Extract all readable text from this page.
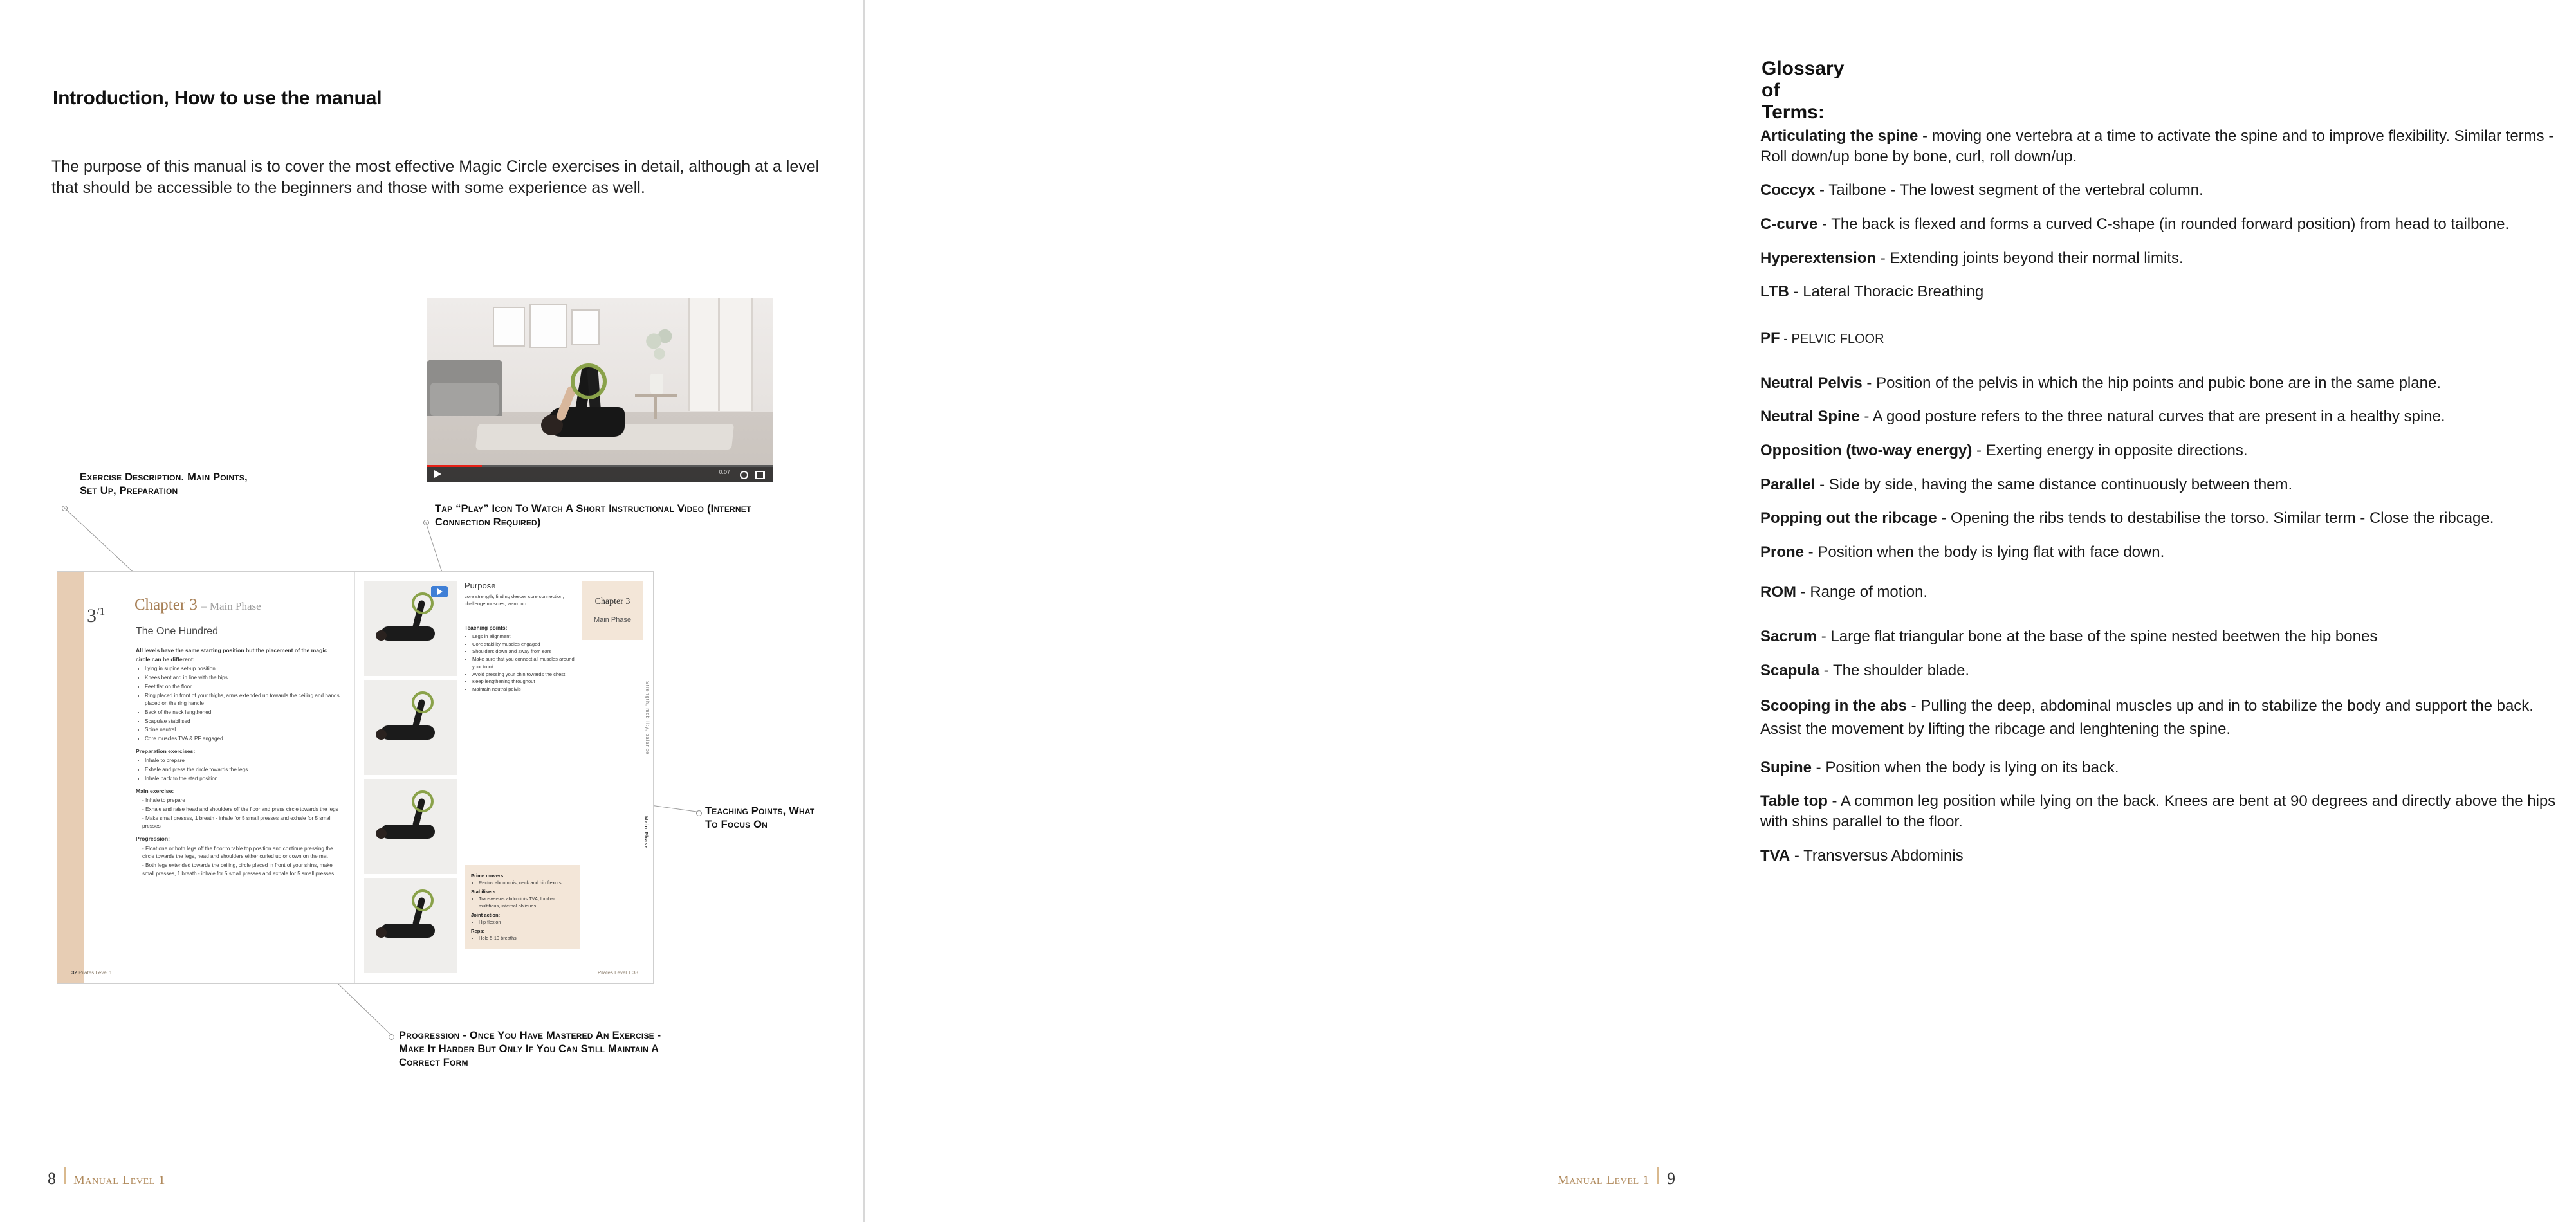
Introduction, How to use the manual
The purpose of this manual is to cover the most effective Magic Circle exercises in detail, although at a level that should be accessible to the beginners and those with some experience as well.
0:07
Exercise Description. Main Points, Set Up, Preparation
Tap “Play” Icon To Watch A Short Instructional Video (Internet Connection Required)
Teaching Points, What To Focus On
Progression - Once You Have Mastered An Exercise - Make It Harder But Only If You Can Still Maintain A Correct Form
$3^{/1}$ Chapter 3 – Main Phase
The One Hundred
All levels have the same starting position but the placement of the magic circle can be different:
• Lying in supine set-up position
• Knees bent and in line with the hips
• Feet flat on the floor
• Ring placed in front of your thighs, arms extended up towards the ceiling and hands placed on the ring handle
• Back of the neck lengthened
• Scapulae stabilised
• Spine neutral
• Core muscles TVA & PF engaged
Preparation exercises:
• Inhale to prepare
• Exhale and press the circle towards the legs
• Inhale back to the start position
Main exercise:
- Inhale to prepare
- Exhale and raise head and shoulders off the floor and press circle towards the legs
- Make small presses, 1 breath - inhale for 5 small presses and exhale for 5 small presses
Progression:
- Float one or both legs off the floor to table top position and continue pressing the circle towards the legs, head and shoulders either curled up or down on the mat
- Both legs extended towards the ceiling, circle placed in front of your shins, make small presses, 1 breath - inhale for 5 small presses and exhale for 5 small presses
32 Pilates Level 1
Purpose
core strength, finding deeper core connection, challenge muscles, warm up
Teaching points:
• Legs in alignment
• Core stability muscles engaged
• Shoulders down and away from ears
• Make sure that you connect all muscles around your trunk
• Avoid pressing your chin towards the chest
• Keep lengthening throughout
• Maintain neutral pelvis
Prime movers:
• Rectus abdominis, neck and hip flexors
Stabilisers:
• Transversus abdominis TVA, lumbar multifidus, internal obliques
Joint action:
• Hip flexion
Reps:
• Hold 5-10 breaths
Chapter 3
Main Phase
Strength, mobility, balance
Main Phase
Pilates Level 1 33
8 Manual Level 1
Glossary of Terms:
Articulating the spine - moving one vertebra at a time to activate the spine and to improve flexibility. Similar terms - Roll down/up bone by bone, curl, roll down/up.
Coccyx - Tailbone - The lowest segment of the vertebral column.
C-curve - The back is flexed and forms a curved C-shape (in rounded forward position) from head to tailbone.
Hyperextension - Extending joints beyond their normal limits.
LTB - Lateral Thoracic Breathing
PF - PELVIC FLOOR
Neutral Pelvis - Position of the pelvis in which the hip points and pubic bone are in the same plane.
Neutral Spine - A good posture refers to the three natural curves that are present in a healthy spine.
Opposition (two-way energy) - Exerting energy in opposite directions.
Parallel - Side by side, having the same distance continuously between them.
Popping out the ribcage - Opening the ribs tends to destabilise the torso. Similar term - Close the ribcage.
Prone - Position when the body is lying flat with face down.
ROM - Range of motion.
Sacrum - Large flat triangular bone at the base of the spine nested beetwen the hip bones
Scapula - The shoulder blade.
Scooping in the abs - Pulling the deep, abdominal muscles up and in to stabilize the body and support the back. Assist the movement by lifting the ribcage and lenghtening the spine.
Supine - Position when the body is lying on its back.
Table top - A common leg position while lying on the back. Knees are bent at 90 degrees and directly above the hips with shins parallel to the floor.
TVA - Transversus Abdominis
Manual Level 1 9
